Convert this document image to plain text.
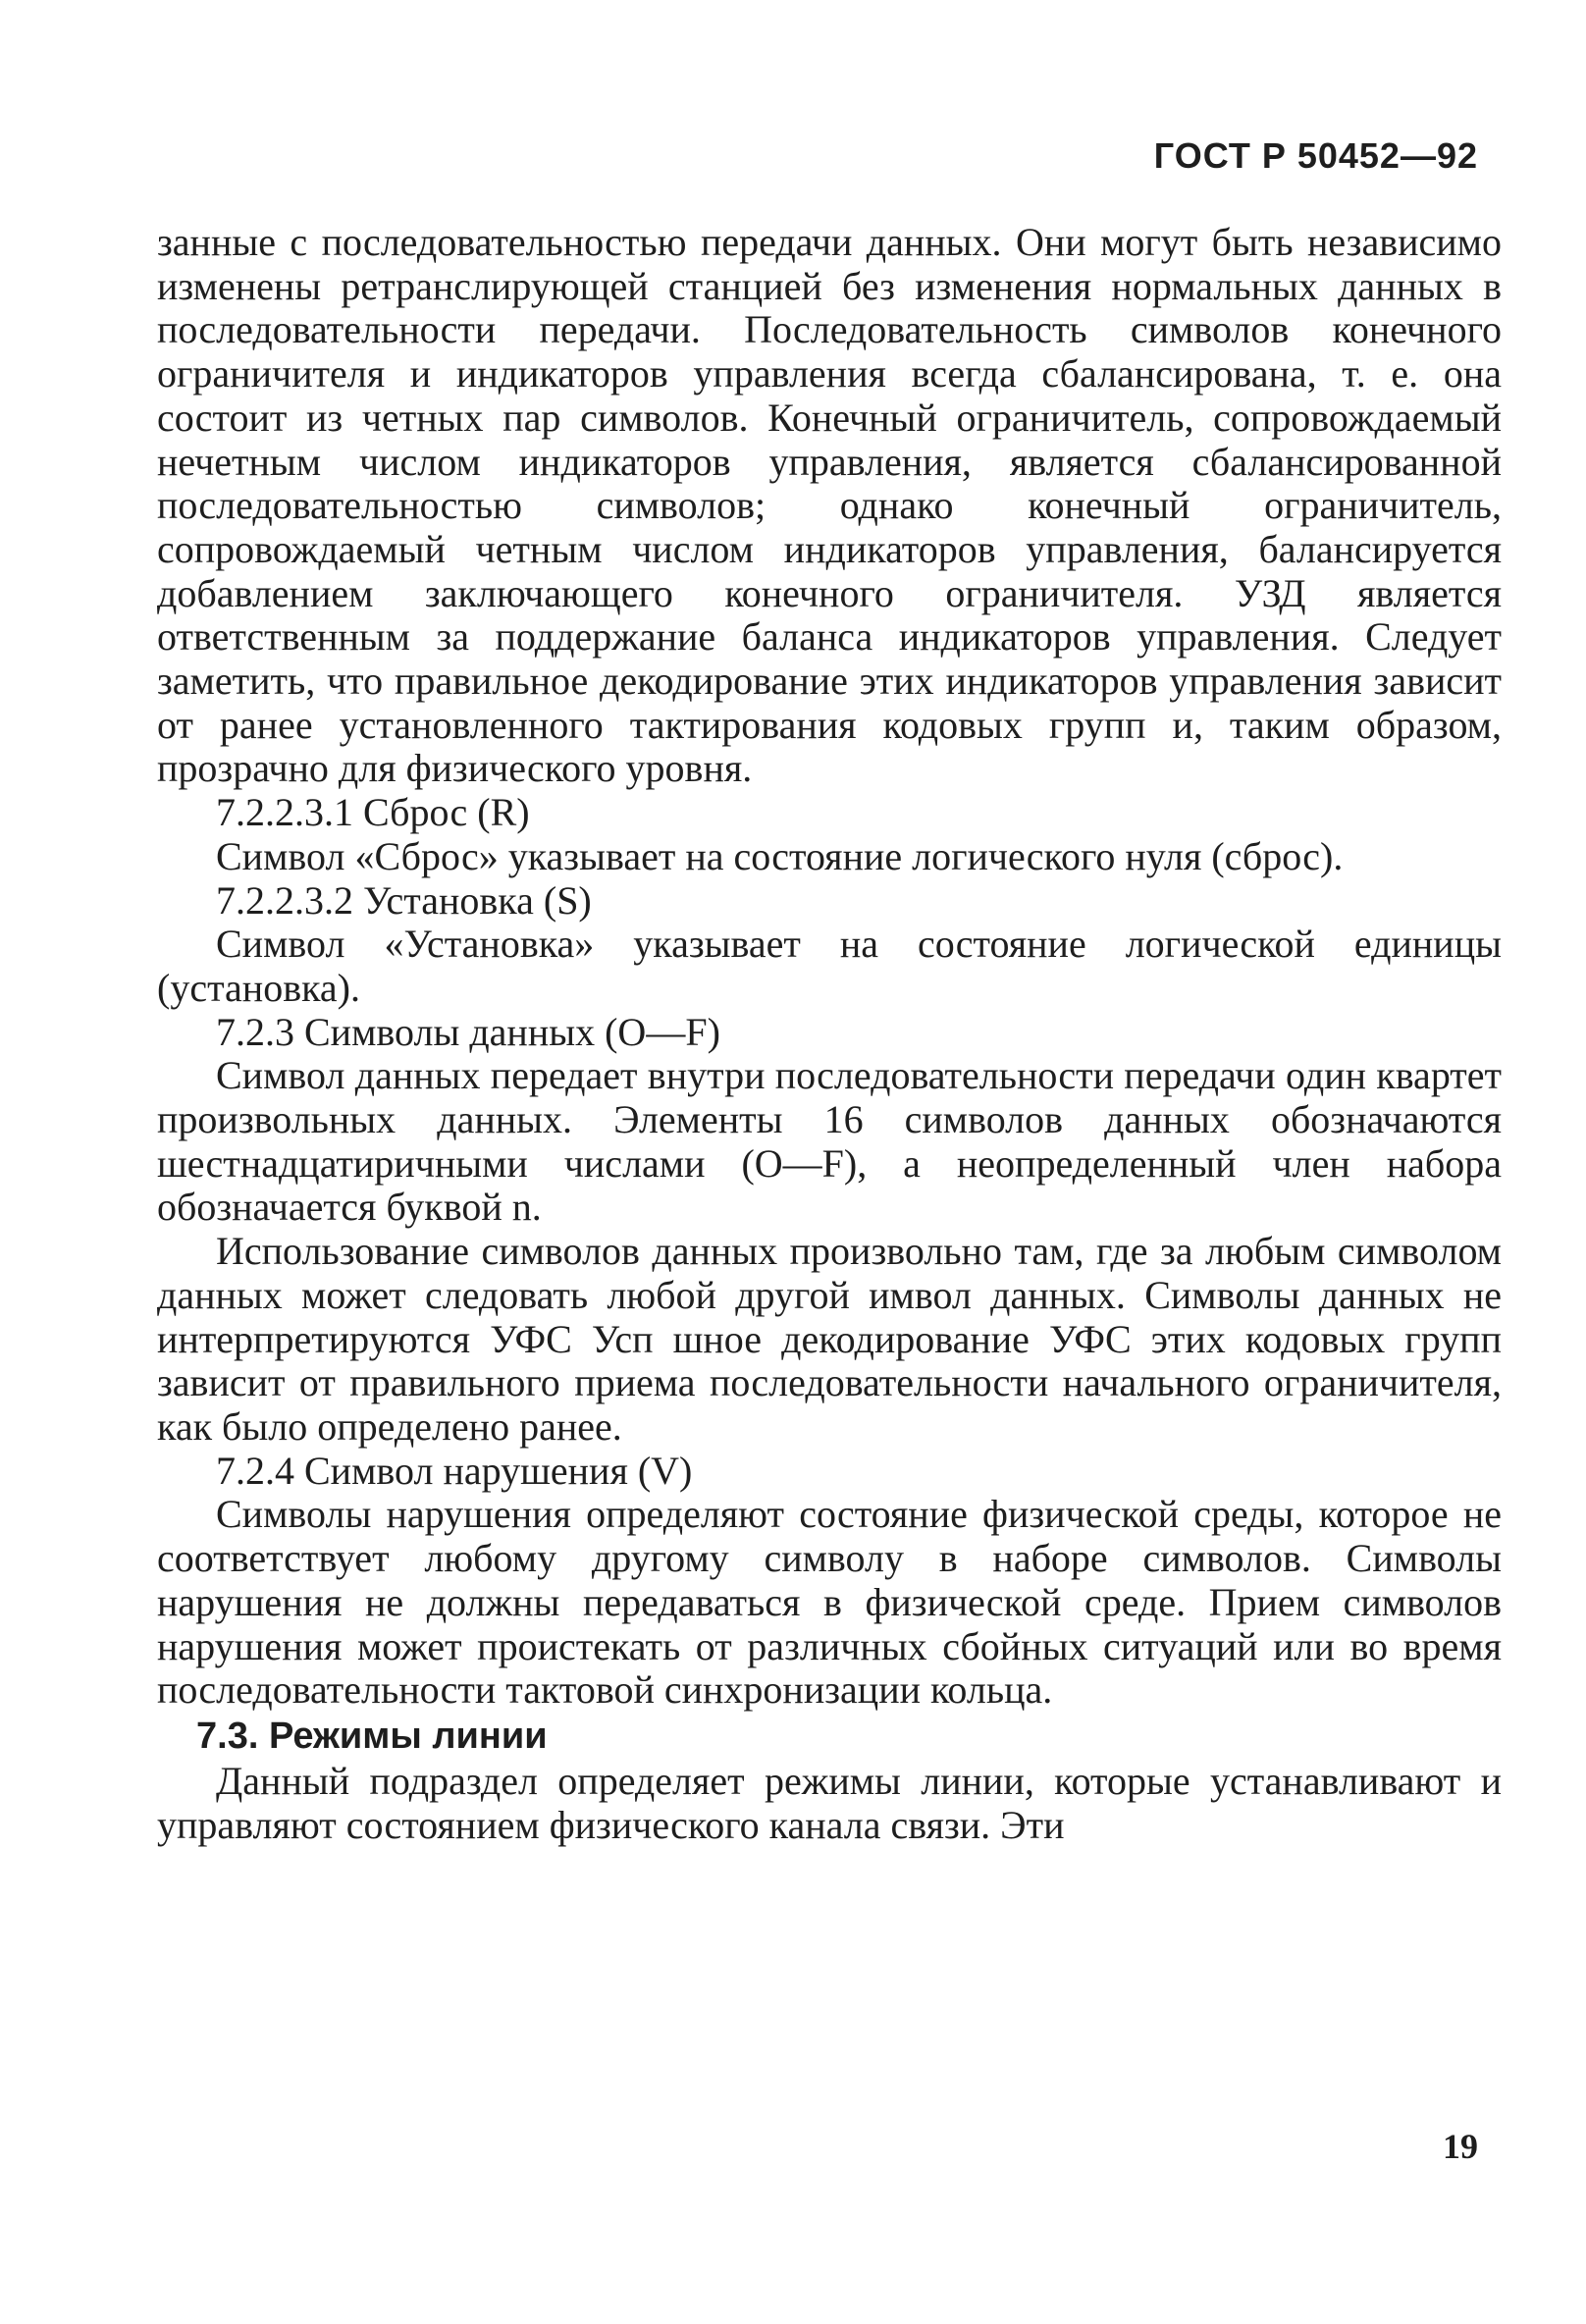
ГОСТ Р 50452—92

занные с последовательностью передачи данных. Они могут быть независимо изменены ретранслирующей станцией без изменения нормальных данных в последовательности передачи. Последовательность символов конечного ограничителя и индикаторов управления всегда сбалансирована, т. е. она состоит из четных пар символов. Конечный ограничитель, сопровождаемый нечетным числом индикаторов управления, является сбалансированной последовательностью символов; однако конечный ограничитель, сопровождаемый четным числом индикаторов управления, балансируется добавлением заключающего конечного ограничителя. УЗД является ответственным за поддержание баланса индикаторов управления. Следует заметить, что правильное декодирование этих индикаторов управления зависит от ранее установленного тактирования кодовых групп и, таким образом, прозрачно для физического уровня.

7.2.2.3.1 Сброс (R)

Символ «Сброс» указывает на состояние логического нуля (сброс).

7.2.2.3.2 Установка (S)

Символ «Установка» указывает на состояние логической единицы (установка).

7.2.3 Символы данных (О—F)

Символ данных передает внутри последовательности передачи один квартет произвольных данных. Элементы 16 символов данных обозначаются шестнадцатиричными числами (О—F), а неопределенный член набора обозначается буквой n.

Использование символов данных произвольно там, где за любым символом данных может следовать любой другой имвол данных. Символы данных не интерпретируются УФС Усп шное декодирование УФС этих кодовых групп зависит от правильного приема последовательности начального ограничителя, как было определено ранее.

7.2.4 Символ нарушения (V)

Символы нарушения определяют состояние физической среды, которое не соответствует любому другому символу в наборе символов. Символы нарушения не должны передаваться в физической среде. Прием символов нарушения может проистекать от различных сбойных ситуаций или во время последовательности тактовой синхронизации кольца.

7.3. Режимы линии

Данный подраздел определяет режимы линии, которые устанавливают и управляют состоянием физического канала связи. Эти

19
